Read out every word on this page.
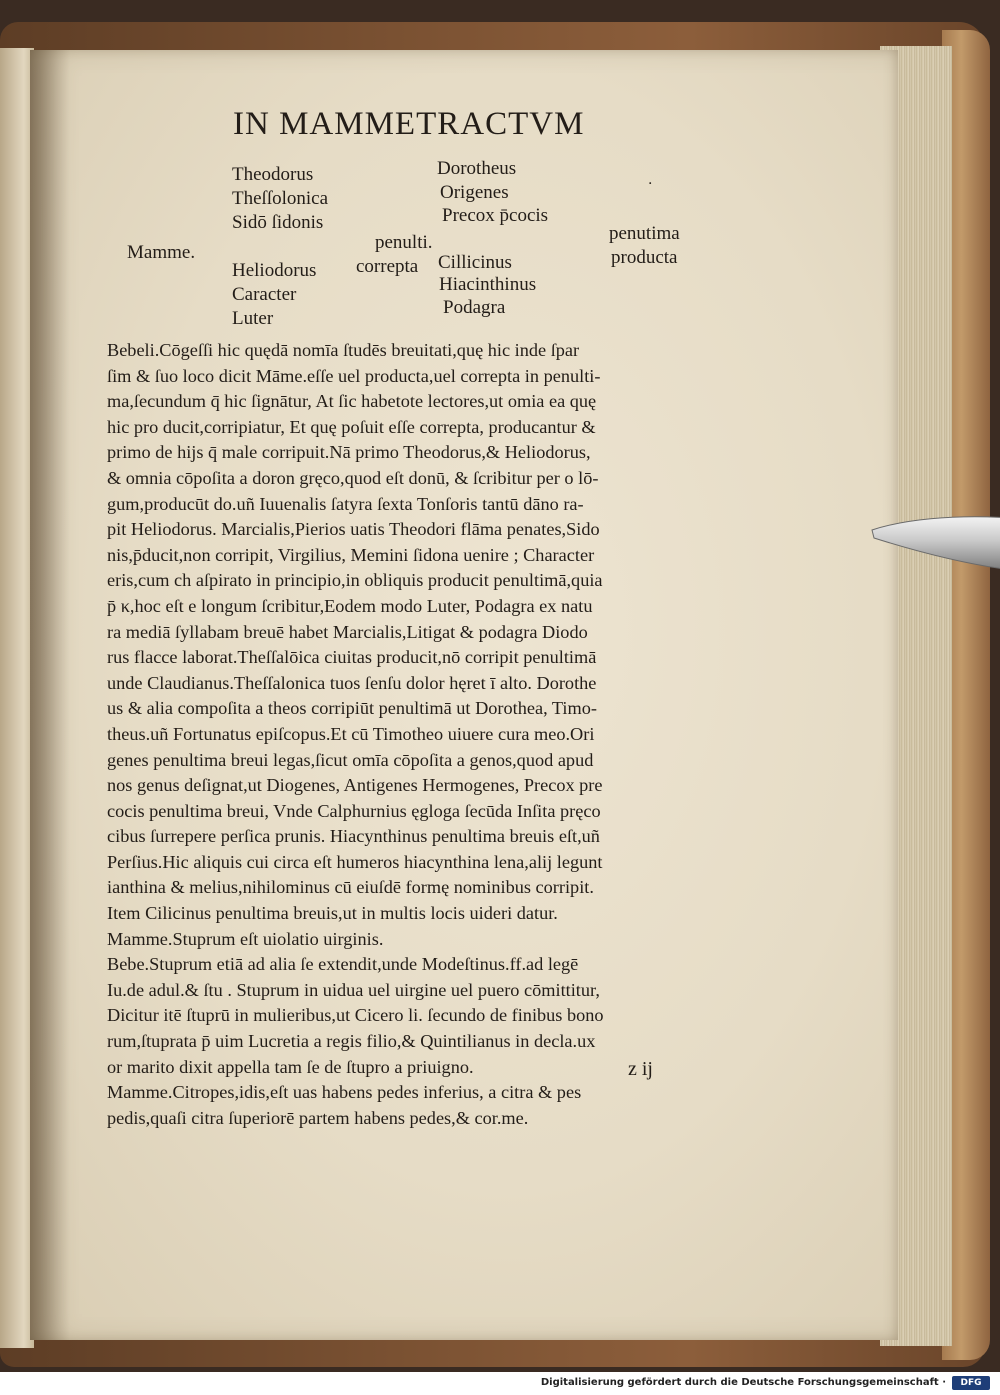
IN MAMMETRACTVM
Theodorus
Theſſolonica
Sidō ſidonis
Mamme.
Heliodorus
Caracter
Luter
penulti.
correpta
Dorotheus
Origenes
Precox p̄cocis
Cillicinus
Hiacinthinus
Podagra
penutima
producta
·
Bebeli.Cōgeſſi hic quędā nomīa ſtudēs breuitati,quę hic inde ſpar
ſim & ſuo loco dicit Māme.eſſe uel producta,uel correpta in penulti‑
ma,ſecundum q̄ hic ſignātur, At ſic habetote lectores,ut omia ea quę
hic pro ducit,corripiatur, Et quę poſuit eſſe correpta, producantur &
primo de hijs q̄ male corripuit.Nā primo Theodorus,& Heliodorus,
& omnia cōpoſita a doron gręco,quod eſt donū, & ſcribitur per o lō‑
gum,producūt do.uñ Iuuenalis ſatyra ſexta Tonſoris tantū dāno ra‑
pit Heliodorus. Marcialis,Pierios uatis Theodori flāma penates,Sido
nis,p̄ducit,non corripit, Virgilius, Memini ſidona uenire ; Character
eris,cum ch aſpirato in principio,in obliquis producit penultimā,quia
p̄ κ,hoc eſt e longum ſcribitur,Eodem modo Luter, Podagra ex natu
ra mediā ſyllabam breuē habet Marcialis,Litigat & podagra Diodo
rus flacce laborat.Theſſalōica ciuitas producit,nō corripit penultimā
unde Claudianus.Theſſalonica tuos ſenſu dolor hęret ī alto. Dorothe
us & alia compoſita a theos corripiūt penultimā ut Dorothea, Timo‑
theus.uñ Fortunatus epiſcopus.Et cū Timotheo uiuere cura meo.Ori
genes penultima breui legas,ſicut omīa cōpoſita a genos,quod apud
nos genus deſignat,ut Diogenes, Antigenes Hermogenes, Precox pre
cocis penultima breui, Vnde Calphurnius ęgloga ſecūda Inſita pręco
cibus ſurrepere perſica prunis. Hiacynthinus penultima breuis eſt,uñ
Perſius.Hic aliquis cui circa eſt humeros hiacynthina lena,alij legunt
ianthina & melius,nihilominus cū eiuſdē formę nominibus corripit.
Item Cilicinus penultima breuis,ut in multis locis uideri datur.
Mamme.Stuprum eſt uiolatio uirginis.
Bebe.Stuprum etiā ad alia ſe extendit,unde Modeſtinus.ff.ad legē
Iu.de adul.& ſtu . Stuprum in uidua uel uirgine uel puero cōmittitur,
Dicitur itē ſtuprū in mulieribus,ut Cicero li. ſecundo de finibus bono
rum,ſtuprata p̄ uim Lucretia a regis filio,& Quintilianus in decla.ux
or marito dixit appella tam ſe de ſtupro a priuigno.
Mamme.Citropes,idis,eſt uas habens pedes inferius, a citra & pes
pedis,quaſi citra ſuperiorē partem habens pedes,& cor.me.
z ij
Digitalisierung gefördert durch die Deutsche Forschungsgemeinschaft ·	DFG
